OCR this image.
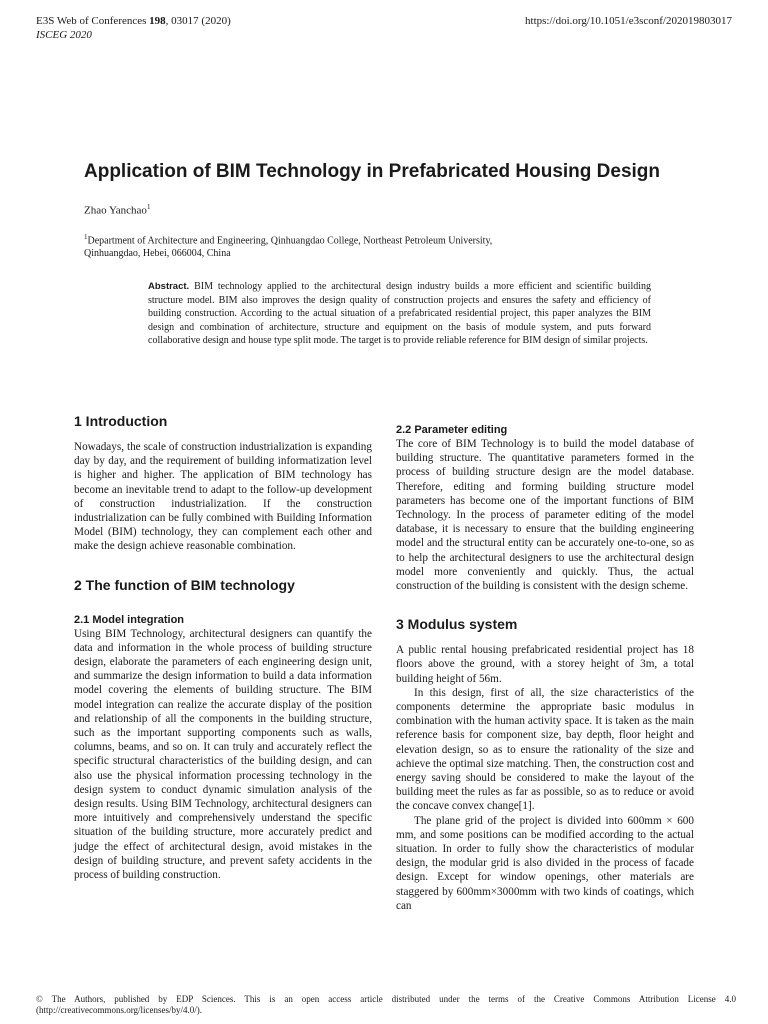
E3S Web of Conferences 198, 03017 (2020)
ISCEG 2020
https://doi.org/10.1051/e3sconf/202019803017
Application of BIM Technology in Prefabricated Housing Design
Zhao Yanchao$^1$
$^1$Department of Architecture and Engineering, Qinhuangdao College, Northeast Petroleum University,
Qinhuangdao, Hebei, 066004, China

Abstract. BIM technology applied to the architectural design industry builds a more efficient and scientific building structure model. BIM also improves the design quality of construction projects and ensures the safety and efficiency of building construction. According to the actual situation of a prefabricated residential project, this paper analyzes the BIM design and combination of architecture, structure and equipment on the basis of module system, and puts forward collaborative design and house type split mode. The target is to provide reliable reference for BIM design of similar projects.

1 Introduction

Nowadays, the scale of construction industrialization is expanding day by day, and the requirement of building informatization level is higher and higher. The application of BIM technology has become an inevitable trend to adapt to the follow-up development of construction industrialization. If the construction industrialization can be fully combined with Building Information Model (BIM) technology, they can complement each other and make the design achieve reasonable combination.

2 The function of BIM technology
2.1 Model integration

Using BIM Technology, architectural designers can quantify the data and information in the whole process of building structure design, elaborate the parameters of each engineering design unit, and summarize the design information to build a data information model covering the elements of building structure. The BIM model integration can realize the accurate display of the position and relationship of all the components in the building structure, such as the important supporting components such as walls, columns, beams, and so on. It can truly and accurately reflect the specific structural characteristics of the building design, and can also use the physical information processing technology in the design system to conduct dynamic simulation analysis of the design results. Using BIM Technology, architectural designers can more intuitively and comprehensively understand the specific situation of the building structure, more accurately predict and judge the effect of architectural design, avoid mistakes in the design of building structure, and prevent safety accidents in the process of building construction.

2.2 Parameter editing

The core of BIM Technology is to build the model database of building structure. The quantitative parameters formed in the process of building structure design are the model database. Therefore, editing and forming building structure model parameters has become one of the important functions of BIM Technology. In the process of parameter editing of the model database, it is necessary to ensure that the building engineering model and the structural entity can be accurately one-to-one, so as to help the architectural designers to use the architectural design model more conveniently and quickly. Thus, the actual construction of the building is consistent with the design scheme.

3 Modulus system

A public rental housing prefabricated residential project has 18 floors above the ground, with a storey height of 3m, a total building height of 56m.

In this design, first of all, the size characteristics of the components determine the appropriate basic modulus in combination with the human activity space. It is taken as the main reference basis for component size, bay depth, floor height and elevation design, so as to ensure the rationality of the size and achieve the optimal size matching. Then, the construction cost and energy saving should be considered to make the layout of the building meet the rules as far as possible, so as to reduce or avoid the concave convex change[1].

The plane grid of the project is divided into 600mm × 600 mm, and some positions can be modified according to the actual situation. In order to fully show the characteristics of modular design, the modular grid is also divided in the process of facade design. Except for window openings, other materials are staggered by 600mm×3000mm with two kinds of coatings, which can

© The Authors, published by EDP Sciences. This is an open access article distributed under the terms of the Creative Commons Attribution License 4.0 (http://creativecommons.org/licenses/by/4.0/).
